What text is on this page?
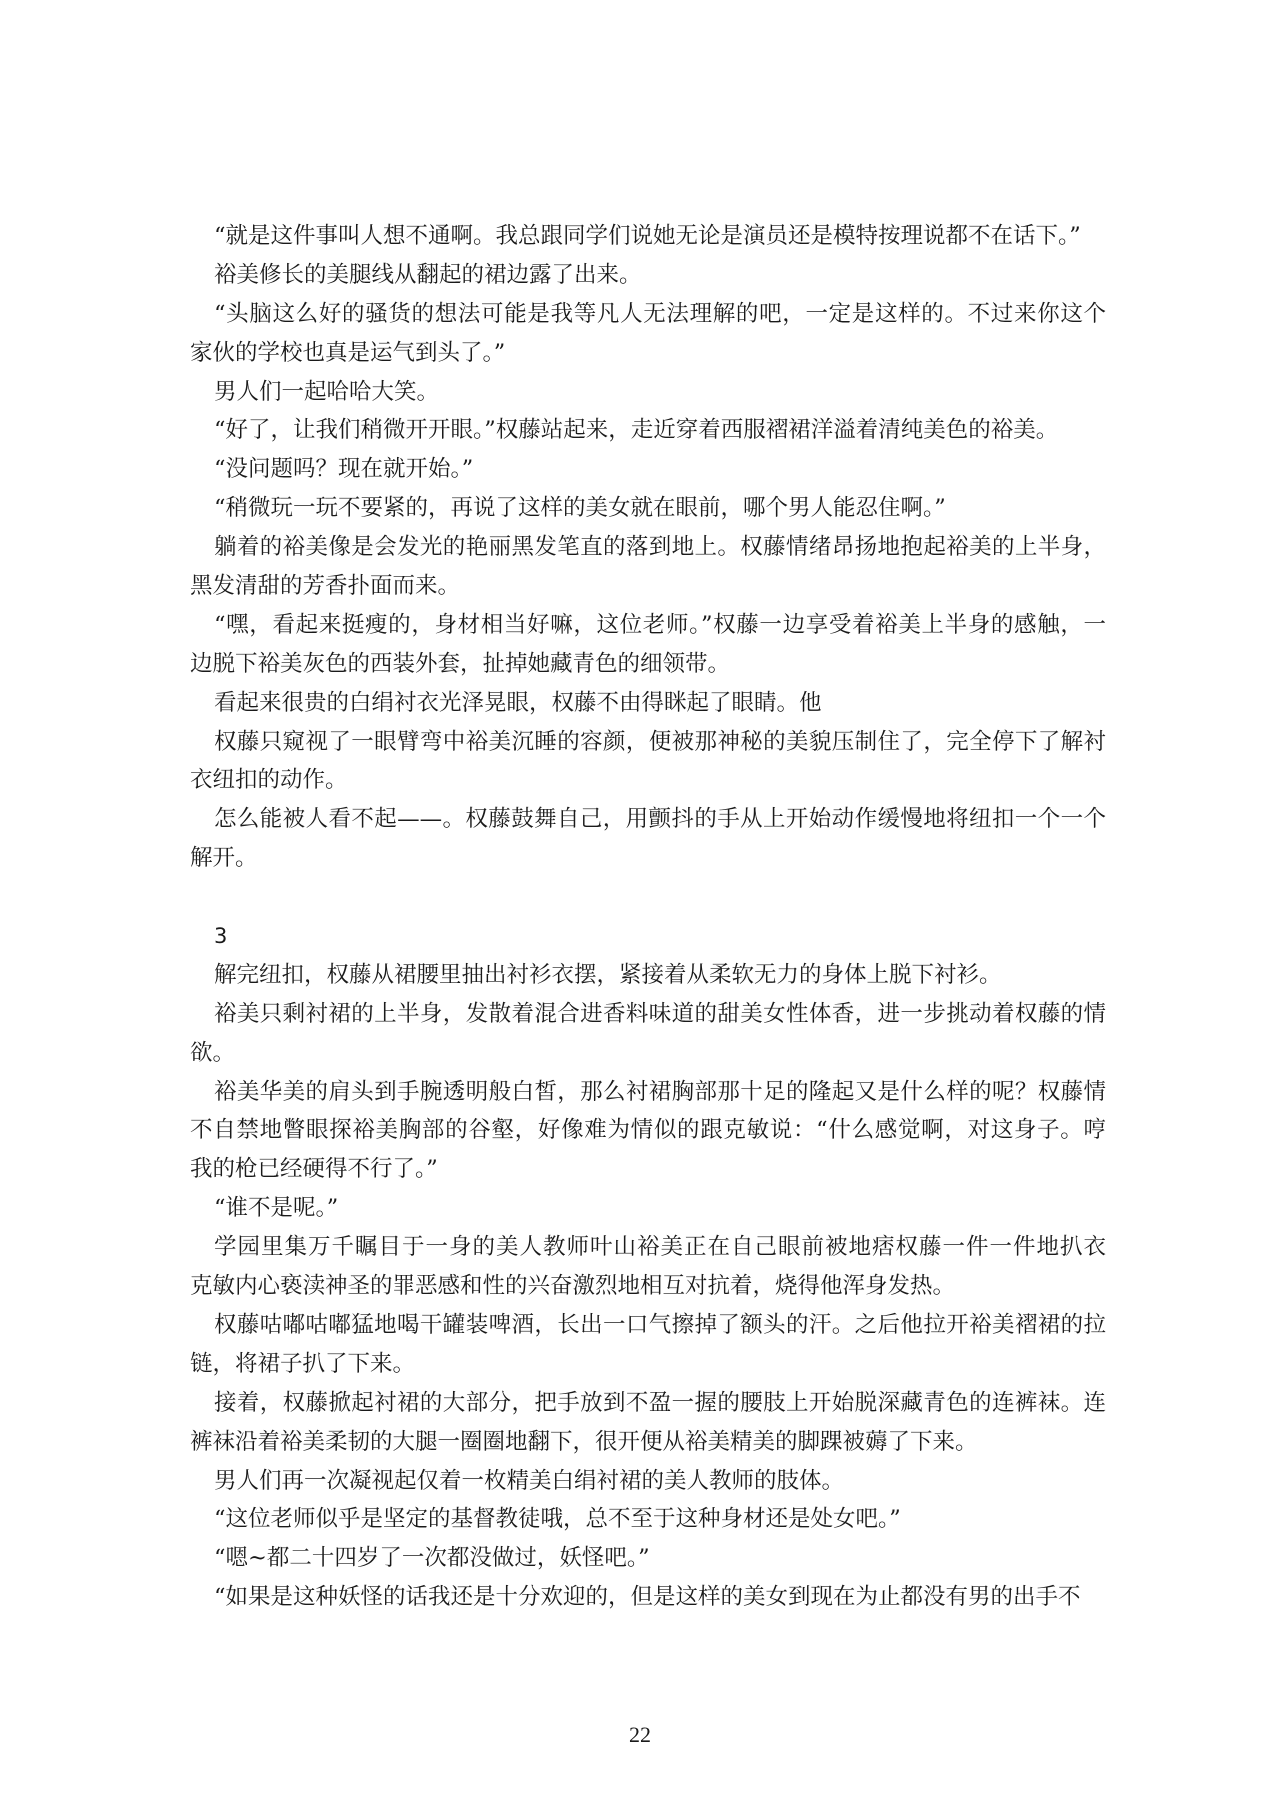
“就是这件事叫人想不通啊。我总跟同学们说她无论是演员还是模特按理说都不在话下。”
裕美修长的美腿线从翻起的裙边露了出来。
“头脑这么好的骚货的想法可能是我等凡人无法理解的吧，一定是这样的。不过来你这个
家伙的学校也真是运气到头了。”
男人们一起哈哈大笑。
“好了，让我们稍微开开眼。”权藤站起来，走近穿着西服褶裙洋溢着清纯美色的裕美。
“没问题吗？现在就开始。”
“稍微玩一玩不要紧的，再说了这样的美女就在眼前，哪个男人能忍住啊。”
躺着的裕美像是会发光的艳丽黑发笔直的落到地上。权藤情绪昂扬地抱起裕美的上半身，
黑发清甜的芳香扑面而来。
“嘿，看起来挺瘦的，身材相当好嘛，这位老师。”权藤一边享受着裕美上半身的感触，一
边脱下裕美灰色的西装外套，扯掉她藏青色的细领带。
看起来很贵的白绢衬衣光泽晃眼，权藤不由得眯起了眼睛。他
权藤只窥视了一眼臂弯中裕美沉睡的容颜，便被那神秘的美貌压制住了，完全停下了解衬
衣纽扣的动作。
怎么能被人看不起——。权藤鼓舞自己，用颤抖的手从上开始动作缓慢地将纽扣一个一个
解开。
3
解完纽扣，权藤从裙腰里抽出衬衫衣摆，紧接着从柔软无力的身体上脱下衬衫。
裕美只剩衬裙的上半身，发散着混合进香料味道的甜美女性体香，进一步挑动着权藤的情
欲。
裕美华美的肩头到手腕透明般白皙，那么衬裙胸部那十足的隆起又是什么样的呢？权藤情
不自禁地瞥眼探裕美胸部的谷壑，好像难为情似的跟克敏说：“什么感觉啊，对这身子。哼
我的枪已经硬得不行了。”
“谁不是呢。”
学园里集万千瞩目于一身的美人教师叶山裕美正在自己眼前被地痞权藤一件一件地扒衣
克敏内心亵渎神圣的罪恶感和性的兴奋激烈地相互对抗着，烧得他浑身发热。
权藤咕嘟咕嘟猛地喝干罐装啤酒，长出一口气擦掉了额头的汗。之后他拉开裕美褶裙的拉
链，将裙子扒了下来。
接着，权藤掀起衬裙的大部分，把手放到不盈一握的腰肢上开始脱深藏青色的连裤袜。连
裤袜沿着裕美柔韧的大腿一圈圈地翻下，很开便从裕美精美的脚踝被薅了下来。
男人们再一次凝视起仅着一枚精美白绢衬裙的美人教师的肢体。
“这位老师似乎是坚定的基督教徒哦，总不至于这种身材还是处女吧。”
“嗯~都二十四岁了一次都没做过，妖怪吧。”
“如果是这种妖怪的话我还是十分欢迎的，但是这样的美女到现在为止都没有男的出手不
22
